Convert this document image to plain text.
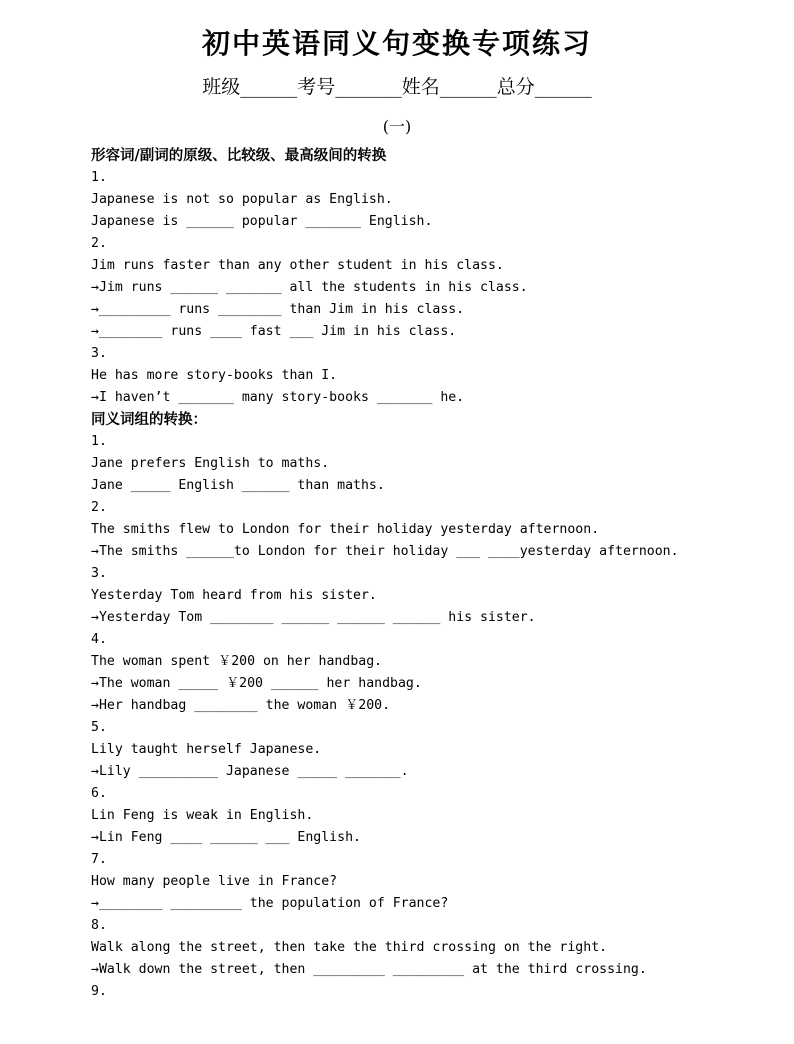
初中英语同义句变换专项练习
班级______考号_______姓名______总分______
(一)
形容词/副词的原级、比较级、最高级间的转换
1.
Japanese is not so popular as English.
Japanese is ______ popular _______ English.
2.
Jim runs faster than any other student in his class.
→Jim runs ______ _______ all the students in his class.
→_________ runs ________ than Jim in his class.
→________ runs ____ fast ___ Jim in his class.
3.
He has more story-books than I.
→I haven’t _______ many story-books _______ he.
同义词组的转换：
1.
Jane prefers English to maths.
Jane _____ English ______ than maths.
2.
The smiths flew to London for their holiday yesterday afternoon.
→The smiths ______to London for their holiday ___ ____yesterday afternoon.
3.
Yesterday Tom heard from his sister.
→Yesterday Tom ________ ______ ______ ______ his sister.
4.
The woman spent ￥200 on her handbag.
→The woman _____ ￥200 ______ her handbag.
→Her handbag ________ the woman ￥200.
5.
Lily taught herself Japanese.
→Lily __________ Japanese _____ _______.
6.
Lin Feng is weak in English.
→Lin Feng ____ ______ ___ English.
7.
How many people live in France?
→________ _________ the population of France?
8.
Walk along the street, then take the third crossing on the right.
→Walk down the street, then _________ _________ at the third crossing.
9.
